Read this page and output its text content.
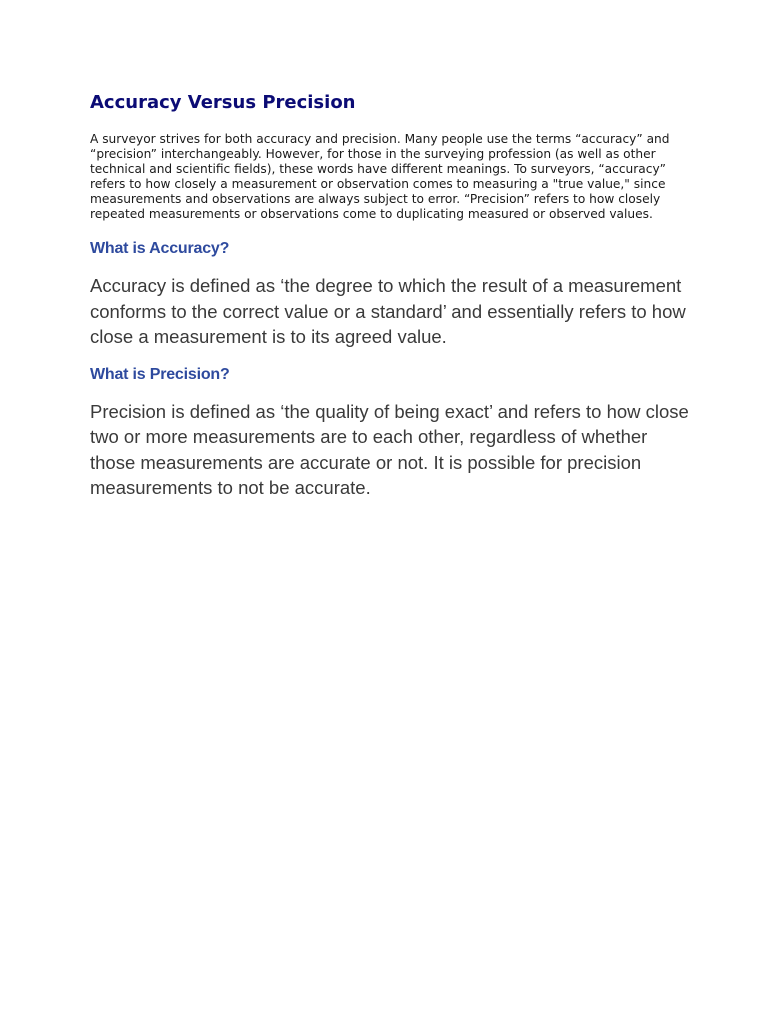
Accuracy Versus Precision

A surveyor strives for both accuracy and precision. Many people use the terms “accuracy” and “precision” interchangeably. However, for those in the surveying profession (as well as other technical and scientific fields), these words have different meanings. To surveyors, “accuracy” refers to how closely a measurement or observation comes to measuring a "true value," since measurements and observations are always subject to error. “Precision” refers to how closely repeated measurements or observations come to duplicating measured or observed values.

What is Accuracy?

Accuracy is defined as ‘the degree to which the result of a measurement conforms to the correct value or a standard’ and essentially refers to how close a measurement is to its agreed value.

What is Precision?

Precision is defined as ‘the quality of being exact’ and refers to how close two or more measurements are to each other, regardless of whether those measurements are accurate or not. It is possible for precision measurements to not be accurate.
